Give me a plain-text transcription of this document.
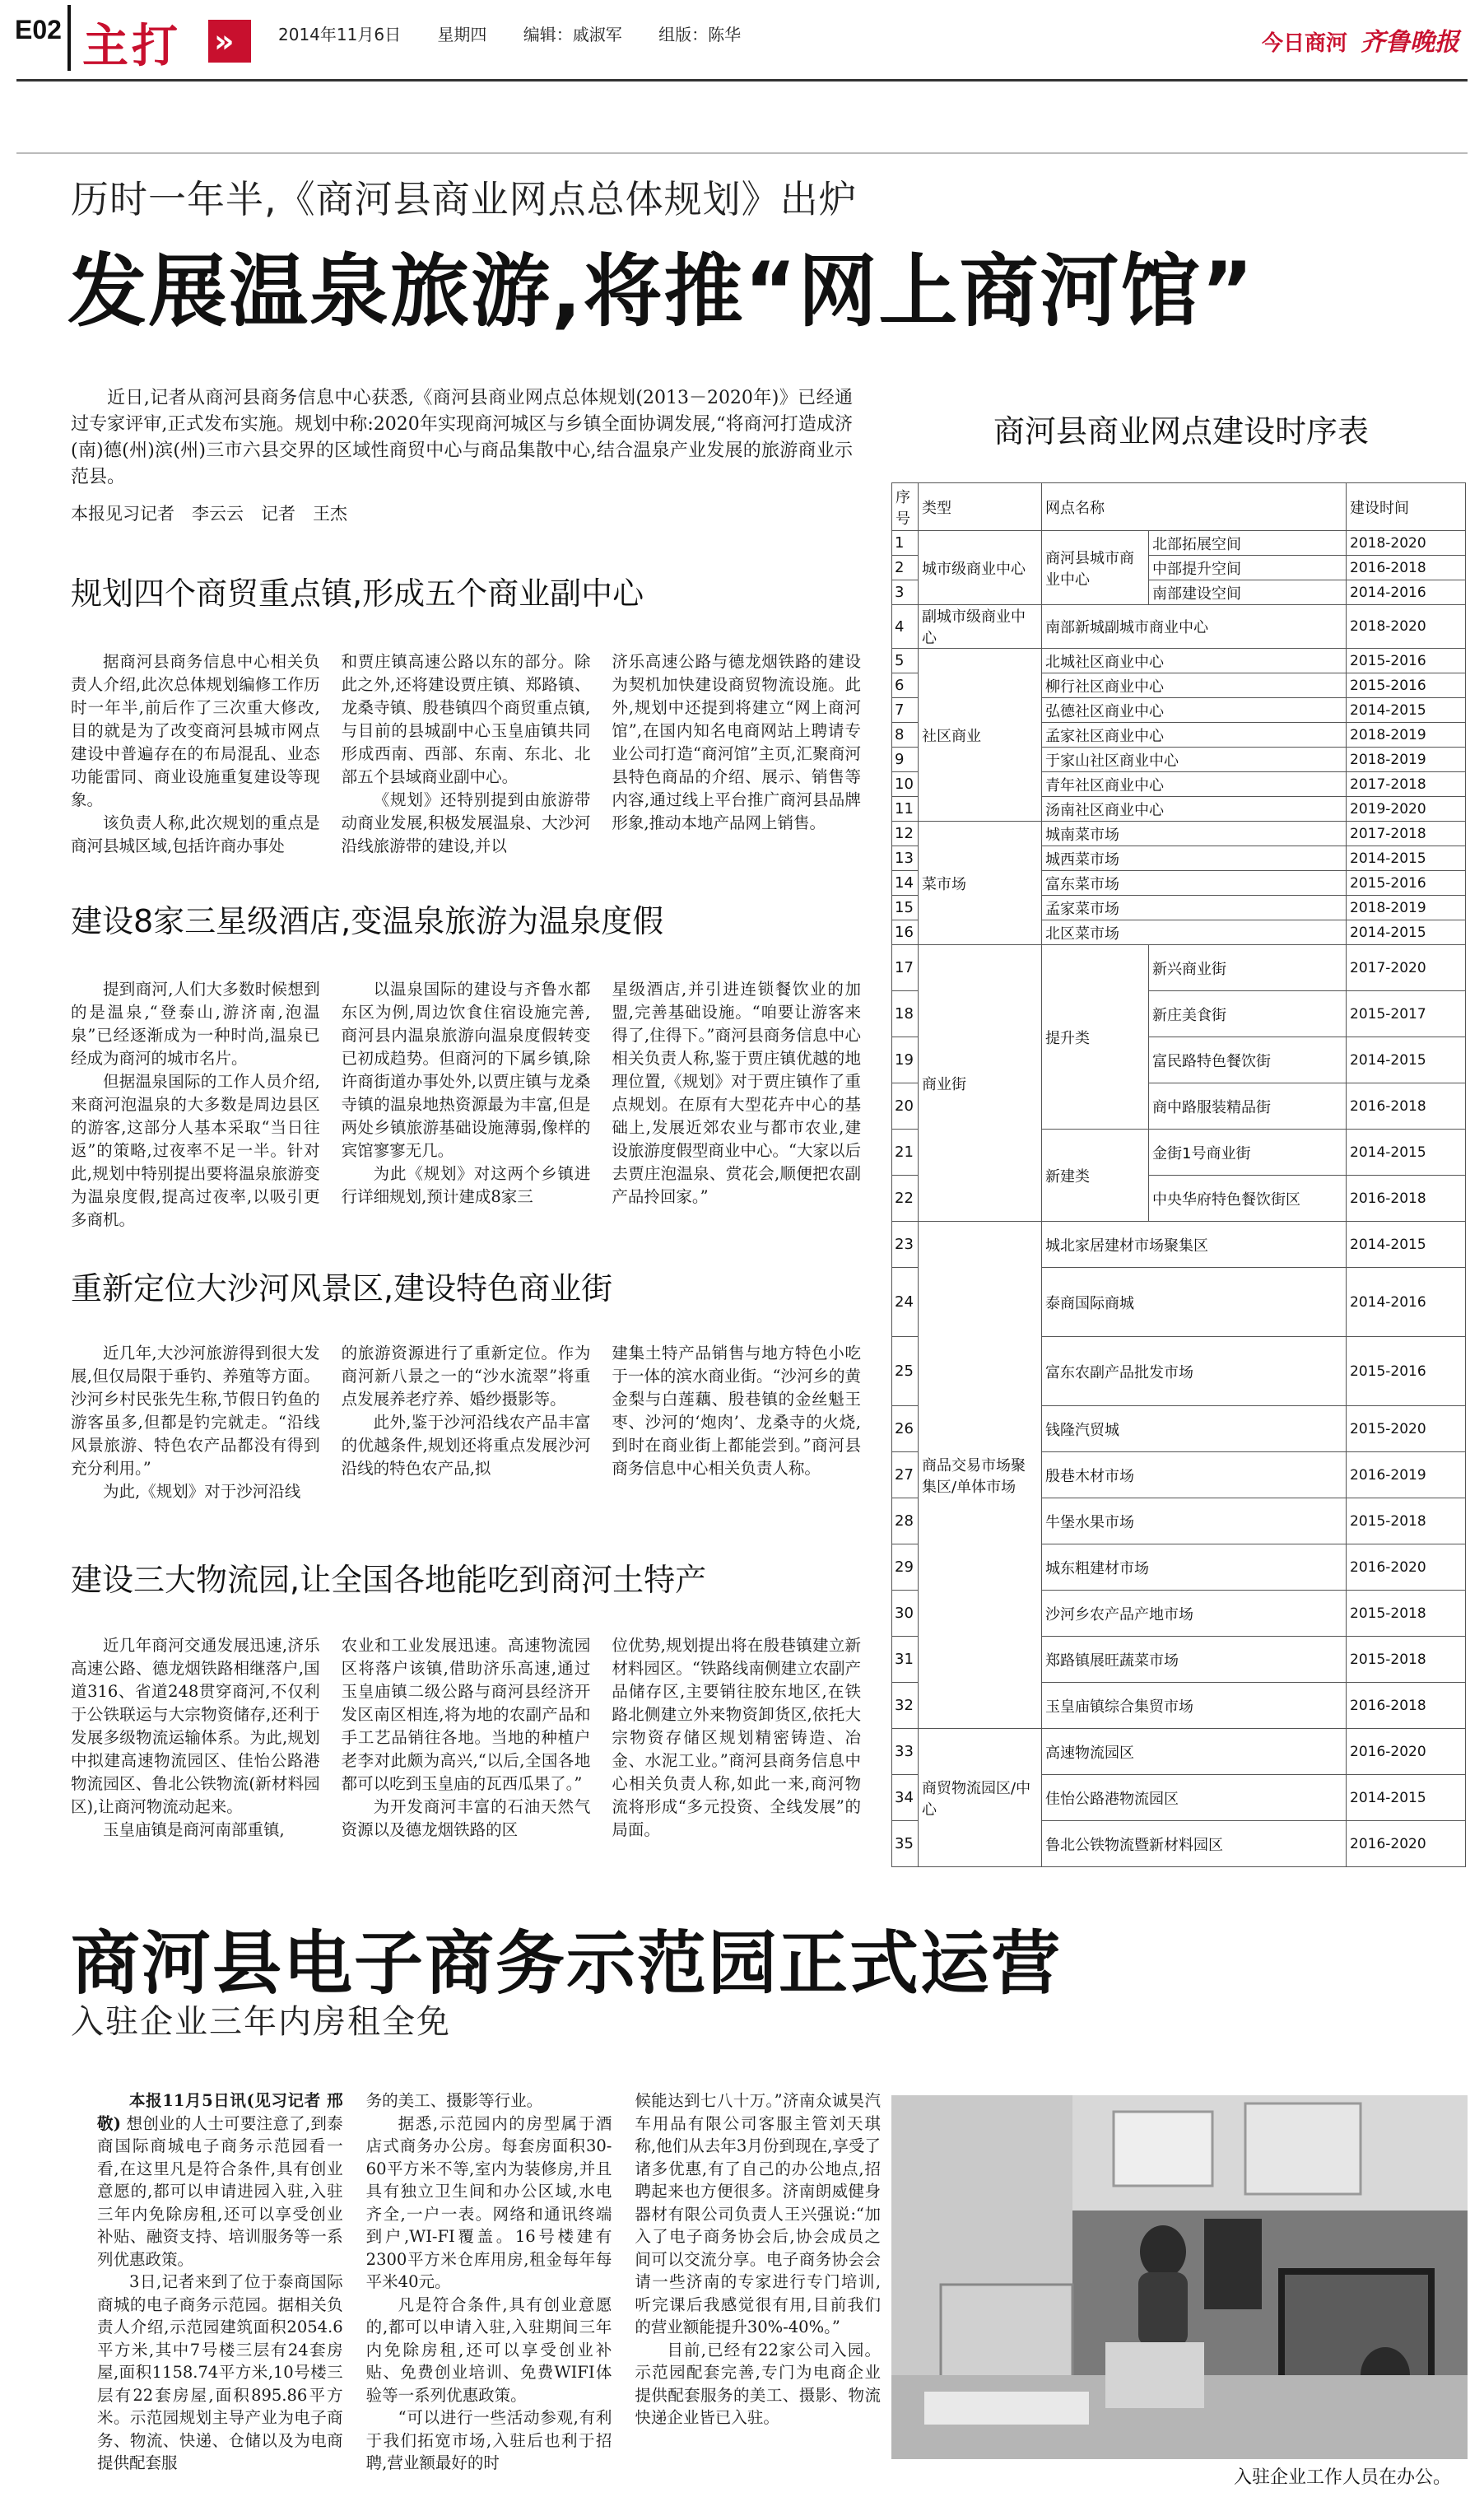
E02 主打 »	2014年11月6日 星期四 编辑：戚淑军 组版：陈华	今日商河 齐鲁晚报
历时一年半,《商河县商业网点总体规划》出炉
发展温泉旅游,将推“网上商河馆”
近日,记者从商河县商务信息中心获悉,《商河县商业网点总体规划(2013－2020年)》已经通过专家评审,正式发布实施。规划中称:2020年实现商河城区与乡镇全面协调发展,“将商河打造成济(南)德(州)滨(州)三市六县交界的区域性商贸中心与商品集散中心,结合温泉产业发展的旅游商业示范县。
本报见习记者　李云云　记者　王杰
规划四个商贸重点镇,形成五个商业副中心

据商河县商务信息中心相关负责人介绍,此次总体规划编修工作历时一年半,前后作了三次重大修改,目的就是为了改变商河县城市网点建设中普遍存在的布局混乱、业态功能雷同、商业设施重复建设等现象。

该负责人称,此次规划的重点是商河县城区域,包括许商办事处

和贾庄镇高速公路以东的部分。除此之外,还将建设贾庄镇、郑路镇、龙桑寺镇、殷巷镇四个商贸重点镇,与目前的县城副中心玉皇庙镇共同形成西南、西部、东南、东北、北部五个县域商业副中心。

《规划》还特别提到由旅游带动商业发展,积极发展温泉、大沙河沿线旅游带的建设,并以

济乐高速公路与德龙烟铁路的建设为契机加快建设商贸物流设施。此外,规划中还提到将建立“网上商河馆”,在国内知名电商网站上聘请专业公司打造“商河馆”主页,汇聚商河县特色商品的介绍、展示、销售等内容,通过线上平台推广商河县品牌形象,推动本地产品网上销售。

建设8家三星级酒店,变温泉旅游为温泉度假

提到商河,人们大多数时候想到的是温泉,“登泰山,游济南,泡温泉”已经逐渐成为一种时尚,温泉已经成为商河的城市名片。

但据温泉国际的工作人员介绍,来商河泡温泉的大多数是周边县区的游客,这部分人基本采取“当日往返”的策略,过夜率不足一半。针对此,规划中特别提出要将温泉旅游变为温泉度假,提高过夜率,以吸引更多商机。

以温泉国际的建设与齐鲁水都东区为例,周边饮食住宿设施完善,商河县内温泉旅游向温泉度假转变已初成趋势。但商河的下属乡镇,除许商街道办事处外,以贾庄镇与龙桑寺镇的温泉地热资源最为丰富,但是两处乡镇旅游基础设施薄弱,像样的宾馆寥寥无几。

为此《规划》对这两个乡镇进行详细规划,预计建成8家三

星级酒店,并引进连锁餐饮业的加盟,完善基础设施。“咱要让游客来得了,住得下。”商河县商务信息中心相关负责人称,鉴于贾庄镇优越的地理位置,《规划》对于贾庄镇作了重点规划。在原有大型花卉中心的基础上,发展近郊农业与都市农业,建设旅游度假型商业中心。“大家以后去贾庄泡温泉、赏花会,顺便把农副产品拎回家。”

重新定位大沙河风景区,建设特色商业街

近几年,大沙河旅游得到很大发展,但仅局限于垂钓、养殖等方面。沙河乡村民张先生称,节假日钓鱼的游客虽多,但都是钓完就走。“沿线风景旅游、特色农产品都没有得到充分利用。”

为此,《规划》对于沙河沿线

的旅游资源进行了重新定位。作为商河新八景之一的“沙水流翠”将重点发展养老疗养、婚纱摄影等。

此外,鉴于沙河沿线农产品丰富的优越条件,规划还将重点发展沙河沿线的特色农产品,拟

建集土特产品销售与地方特色小吃于一体的滨水商业街。“沙河乡的黄金梨与白莲藕、殷巷镇的金丝魁王枣、沙河的‘炮肉’、龙桑寺的火烧,到时在商业街上都能尝到。”商河县商务信息中心相关负责人称。

建设三大物流园,让全国各地能吃到商河土特产

近几年商河交通发展迅速,济乐高速公路、德龙烟铁路相继落户,国道316、省道248贯穿商河,不仅利于公铁联运与大宗物资储存,还利于发展多级物流运输体系。为此,规划中拟建高速物流园区、佳怡公路港物流园区、鲁北公铁物流(新材料园区),让商河物流动起来。

玉皇庙镇是商河南部重镇,

农业和工业发展迅速。高速物流园区将落户该镇,借助济乐高速,通过玉皇庙镇二级公路与商河县经济开发区南区相连,将为地的农副产品和手工艺品销往各地。当地的种植户老李对此颇为高兴,“以后,全国各地都可以吃到玉皇庙的瓦西瓜果了。”

为开发商河丰富的石油天然气资源以及德龙烟铁路的区

位优势,规划提出将在殷巷镇建立新材料园区。“铁路线南侧建立农副产品储存区,主要销往胶东地区,在铁路北侧建立外来物资卸货区,依托大宗物资存储区规划精密铸造、冶金、水泥工业。”商河县商务信息中心相关负责人称,如此一来,商河物流将形成“多元投资、全线发展”的局面。

商河县商业网点建设时序表
序号	类型	网点名称		建设时间
1	城市级商业中心	商河县城市商业中心	北部拓展空间	2018-2020
2			中部提升空间	2016-2018
3			南部建设空间	2014-2016
4	副城市级商业中心	南部新城副城市商业中心		2018-2020
5	社区商业	北城社区商业中心		2015-2016
6		柳行社区商业中心		2015-2016
7		弘德社区商业中心		2014-2015
8		孟家社区商业中心		2018-2019
9		于家山社区商业中心		2018-2019
10		青年社区商业中心		2017-2018
11		汤南社区商业中心		2019-2020
12	菜市场	城南菜市场		2017-2018
13		城西菜市场		2014-2015
14		富东菜市场		2015-2016
15		孟家菜市场		2018-2019
16		北区菜市场		2014-2015
17	商业街	提升类	新兴商业街	2017-2020
18			新庄美食街	2015-2017
19			富民路特色餐饮街	2014-2015
20			商中路服装精品街	2016-2018
21		新建类	金街1号商业街	2014-2015
22			中央华府特色餐饮街区	2016-2018
23	商品交易市场聚集区/单体市场	城北家居建材市场聚集区		2014-2015
24		泰商国际商城		2014-2016
25		富东农副产品批发市场		2015-2016
26		钱隆汽贸城		2015-2020
27		殷巷木材市场		2016-2019
28		牛堡水果市场		2015-2018
29		城东粗建材市场		2016-2020
30		沙河乡农产品产地市场		2015-2018
31		郑路镇展旺蔬菜市场		2015-2018
32		玉皇庙镇综合集贸市场		2016-2018
33	商贸物流园区/中心	高速物流园区		2016-2020
34		佳怡公路港物流园区		2014-2015
35		鲁北公铁物流暨新材料园区		2016-2020
商河县电子商务示范园正式运营
入驻企业三年内房租全免

本报11月5日讯(见习记者 邢敬) 想创业的人士可要注意了,到泰商国际商城电子商务示范园看一看,在这里凡是符合条件,具有创业意愿的,都可以申请进园入驻,入驻三年内免除房租,还可以享受创业补贴、融资支持、培训服务等一系列优惠政策。

3日,记者来到了位于泰商国际商城的电子商务示范园。据相关负责人介绍,示范园建筑面积2054.6平方米,其中7号楼三层有24套房屋,面积1158.74平方米,10号楼三层有22套房屋,面积895.86平方米。示范园规划主导产业为电子商务、物流、快递、仓储以及为电商提供配套服

务的美工、摄影等行业。

据悉,示范园内的房型属于酒店式商务办公房。每套房面积30-60平方米不等,室内为装修房,并且具有独立卫生间和办公区域,水电齐全,一户一表。网络和通讯终端到户,WI-FI覆盖。16号楼建有2300平方米仓库用房,租金每年每平米40元。

凡是符合条件,具有创业意愿的,都可以申请入驻,入驻期间三年内免除房租,还可以享受创业补贴、免费创业培训、免费WIFI体验等一系列优惠政策。

“可以进行一些活动参观,有利于我们拓宽市场,入驻后也利于招聘,营业额最好的时

候能达到七八十万。”济南众诚昊汽车用品有限公司客服主管刘天琪称,他们从去年3月份到现在,享受了诸多优惠,有了自己的办公地点,招聘起来也方便很多。济南朗威健身器材有限公司负责人王兴强说:“加入了电子商务协会后,协会成员之间可以交流分享。电子商务协会会请一些济南的专家进行专门培训,听完课后我感觉很有用,目前我们的营业额能提升30%-40%。”

目前,已经有22家公司入园。示范园配套完善,专门为电商企业提供配套服务的美工、摄影、物流快递企业皆已入驻。

入驻企业工作人员在办公。
